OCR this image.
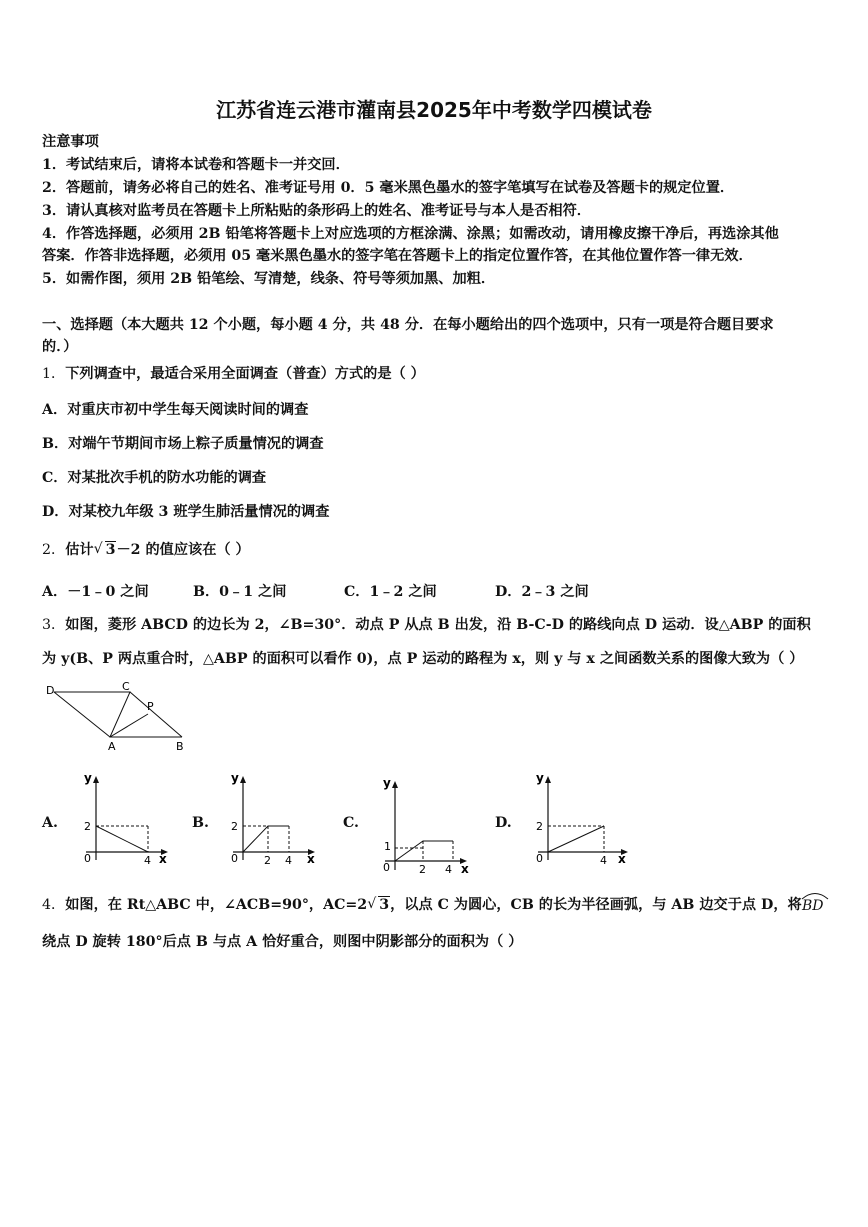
江苏省连云港市灌南县2025年中考数学四模试卷
注意事项
1．考试结束后，请将本试卷和答题卡一并交回．
2．答题前，请务必将自己的姓名、准考证号用 0．5 毫米黑色墨水的签字笔填写在试卷及答题卡的规定位置．
3．请认真核对监考员在答题卡上所粘贴的条形码上的姓名、准考证号与本人是否相符．
4．作答选择题，必须用 2B 铅笔将答题卡上对应选项的方框涂满、涂黑；如需改动，请用橡皮擦干净后，再选涂其他
答案．作答非选择题，必须用 05 毫米黑色墨水的签字笔在答题卡上的指定位置作答，在其他位置作答一律无效．
5．如需作图，须用 2B 铅笔绘、写清楚，线条、符号等须加黑、加粗．
一、选择题（本大题共 12 个小题，每小题 4 分，共 48 分．在每小题给出的四个选项中，只有一项是符合题目要求
的．）
1．下列调查中，最适合采用全面调查（普查）方式的是（ ）
A．对重庆市初中学生每天阅读时间的调查
B．对端午节期间市场上粽子质量情况的调查
C．对某批次手机的防水功能的调查
D．对某校九年级 3 班学生肺活量情况的调查
2．估计 √ 3－2 的值应该在（ ）
A．－1﹣0 之间	B．0﹣1 之间	C．1﹣2 之间	D．2﹣3 之间
3．如图，菱形 ABCD 的边长为 2，∠B=30°．动点 P 从点 B 出发，沿 B-C-D 的路线向点 D 运动．设△ABP 的面积
为 y(B、P 两点重合时，△ABP 的面积可以看作 0)，点 P 运动的路程为 x，则 y 与 x 之间函数关系的图像大致为（ ）
D	C
P
A	B
A.
y
2
0	4 x
B.
y
2
0 2 4 x
C.
y
1
0	2 4 x
D.
y
2
0	4 x
4．如图，在 Rt△ABC 中，∠ACB=90°，AC=2 √ 3，以点 C 为圆心，CB 的长为半径画弧，与 AB 边交于点 D，将 BD
绕点 D 旋转 180°后点 B 与点 A 恰好重合，则图中阴影部分的面积为（ ）
